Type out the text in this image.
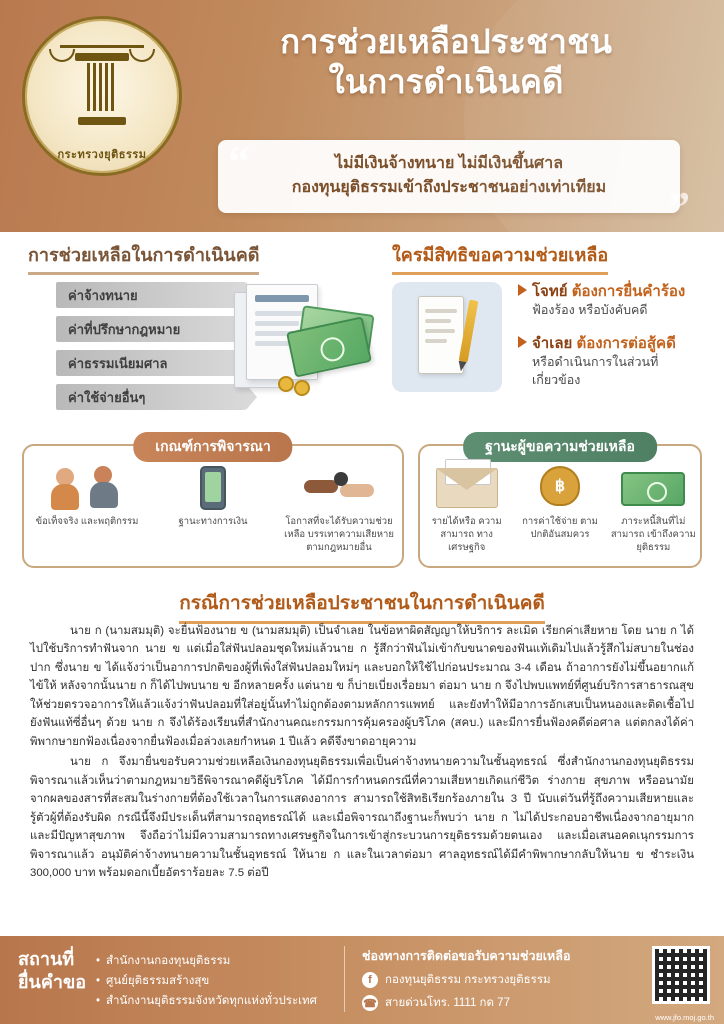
กระทรวงยุติธรรม
การช่วยเหลือประชาชน
ในการดำเนินคดี
”
ไม่มีเงินจ้างทนาย ไม่มีเงินขึ้นศาล
กองทุนยุติธรรมเข้าถึงประชาชนอย่างเท่าเทียม
การช่วยเหลือในการดำเนินคดี
ค่าจ้างทนาย
ค่าที่ปรึกษากฎหมาย
ค่าธรรมเนียมศาล
ค่าใช้จ่ายอื่นๆ
ใครมีสิทธิขอความช่วยเหลือ
โจทย์ ต้องการยื่นคำร้อง
ฟ้องร้อง หรือบังคับคดี
จำเลย ต้องการต่อสู้คดี
หรือดำเนินการในส่วนที่เกี่ยวข้อง
เกณฑ์การพิจารณา
ข้อเท็จจริง และพฤติกรรม	ฐานะทางการเงิน	โอกาสที่จะได้รับความช่วยเหลือ บรรเทาความเสียหาย ตามกฎหมายอื่น
ฐานะผู้ขอความช่วยเหลือ
รายได้หรือ ความสามารถ ทางเศรษฐกิจ
฿
การค่าใช้จ่าย ตามปกติอันสมควร
ภาระหนี้สินที่ไม่สามารถ เข้าถึงความยุติธรรม
กรณีการช่วยเหลือประชาชนในการดำเนินคดี

นาย ก (นามสมมุติ) จะยื่นฟ้องนาย ข (นามสมมุติ) เป็นจำเลย ในข้อหาผิดสัญญาให้บริการ ละเมิด เรียกค่าเสียหาย โดย นาย ก ได้ไปใช้บริการทำฟันจาก นาย ข แต่เมื่อใส่ฟันปลอมชุดใหม่แล้วนาย ก รู้สึกว่าฟันไม่เข้ากับขนาดของฟันแท้เดิมไปแล้วรู้สึกไม่สบายในช่องปาก ซึ่งนาย ข ได้แจ้งว่าเป็นอาการปกติของผู้ที่เพิ่งใส่ฟันปลอมใหม่ๆ และบอกให้ใช้ไปก่อนประมาณ 3-4 เดือน ถ้าอาการยังไม่ขึ้นอยากแก้ไข้ให้ หลังจากนั้นนาย ก ก็ได้ไปพบนาย ข อีกหลายครั้ง แต่นาย ข ก็บ่ายเบี่ยงเรื่อยมา ต่อมา นาย ก จึงไปพบแพทย์ที่ศูนย์บริการสาธารณสุข ให้ช่วยตรวจอาการให้แล้วแจ้งว่าฟันปลอมที่ใส่อยู่นั้นทำไม่ถูกต้องตามหลักการแพทย์ และยังทำให้มีอาการอักเสบเป็นหนองและติดเชื้อไปยังฟันแท้ซี่อื่นๆ ด้วย นาย ก จึงได้ร้องเรียนที่สำนักงานคณะกรรมการคุ้มครองผู้บริโภค (สคบ.) และมีการยื่นฟ้องคดีต่อศาล แต่ตกลงได้ค่าพิพากษายกฟ้องเนื่องจากยื่นฟ้องเมื่อล่วงเลยกำหนด 1 ปีแล้ว คดีจึงขาดอายุความ

นาย ก จึงมายื่นขอรับความช่วยเหลือเงินกองทุนยุติธรรมเพื่อเป็นค่าจ้างทนายความในชั้นอุทธรณ์ ซึ่งสำนักงานกองทุนยุติธรรมพิจารณาแล้วเห็นว่าตามกฎหมายวิธีพิจารณาคดีผู้บริโภค ได้มีการกำหนดกรณีที่ความเสียหายเกิดแก่ชีวิต ร่างกาย สุขภาพ หรืออนามัย จากผลของสารที่สะสมในร่างกายที่ต้องใช้เวลาในการแสดงอาการ สามารถใช้สิทธิเรียกร้องภายใน 3 ปี นับแต่วันที่รู้ถึงความเสียหายและรู้ตัวผู้ที่ต้องรับผิด กรณีนี้จึงมีประเด็นที่สามารถอุทธรณ์ได้ และเมื่อพิจารณาถึงฐานะก็พบว่า นาย ก ไม่ได้ประกอบอาชีพเนื่องจากอายุมากและมีปัญหาสุขภาพ จึงถือว่าไม่มีความสามารถทางเศรษฐกิจในการเข้าสู่กระบวนการยุติธรรมด้วยตนเอง และเมื่อเสนอคดเนุกรรมการพิจารณาแล้ว อนุมัติค่าจ้างทนายความในชั้นอุทธรณ์ ให้นาย ก และในเวลาต่อมา ศาลอุทธรณ์ได้มีคำพิพากษากลับให้นาย ข ชำระเงิน 300,000 บาท พร้อมดอกเบี้ยอัตราร้อยละ 7.5 ต่อปี

สถานที่
ยื่นคำขอ
• สำนักงานกองทุนยุติธรรม
• ศูนย์ยุติธรรมสร้างสุข
• สำนักงานยุติธรรมจังหวัดทุกแห่งทั่วประเทศ
ช่องทางการติดต่อขอรับความช่วยเหลือ
f	กองทุนยุติธรรม กระทรวงยุติธรรม
☎ สายด่วนโทร. 1111 กด 77
www.jfo.moj.go.th
